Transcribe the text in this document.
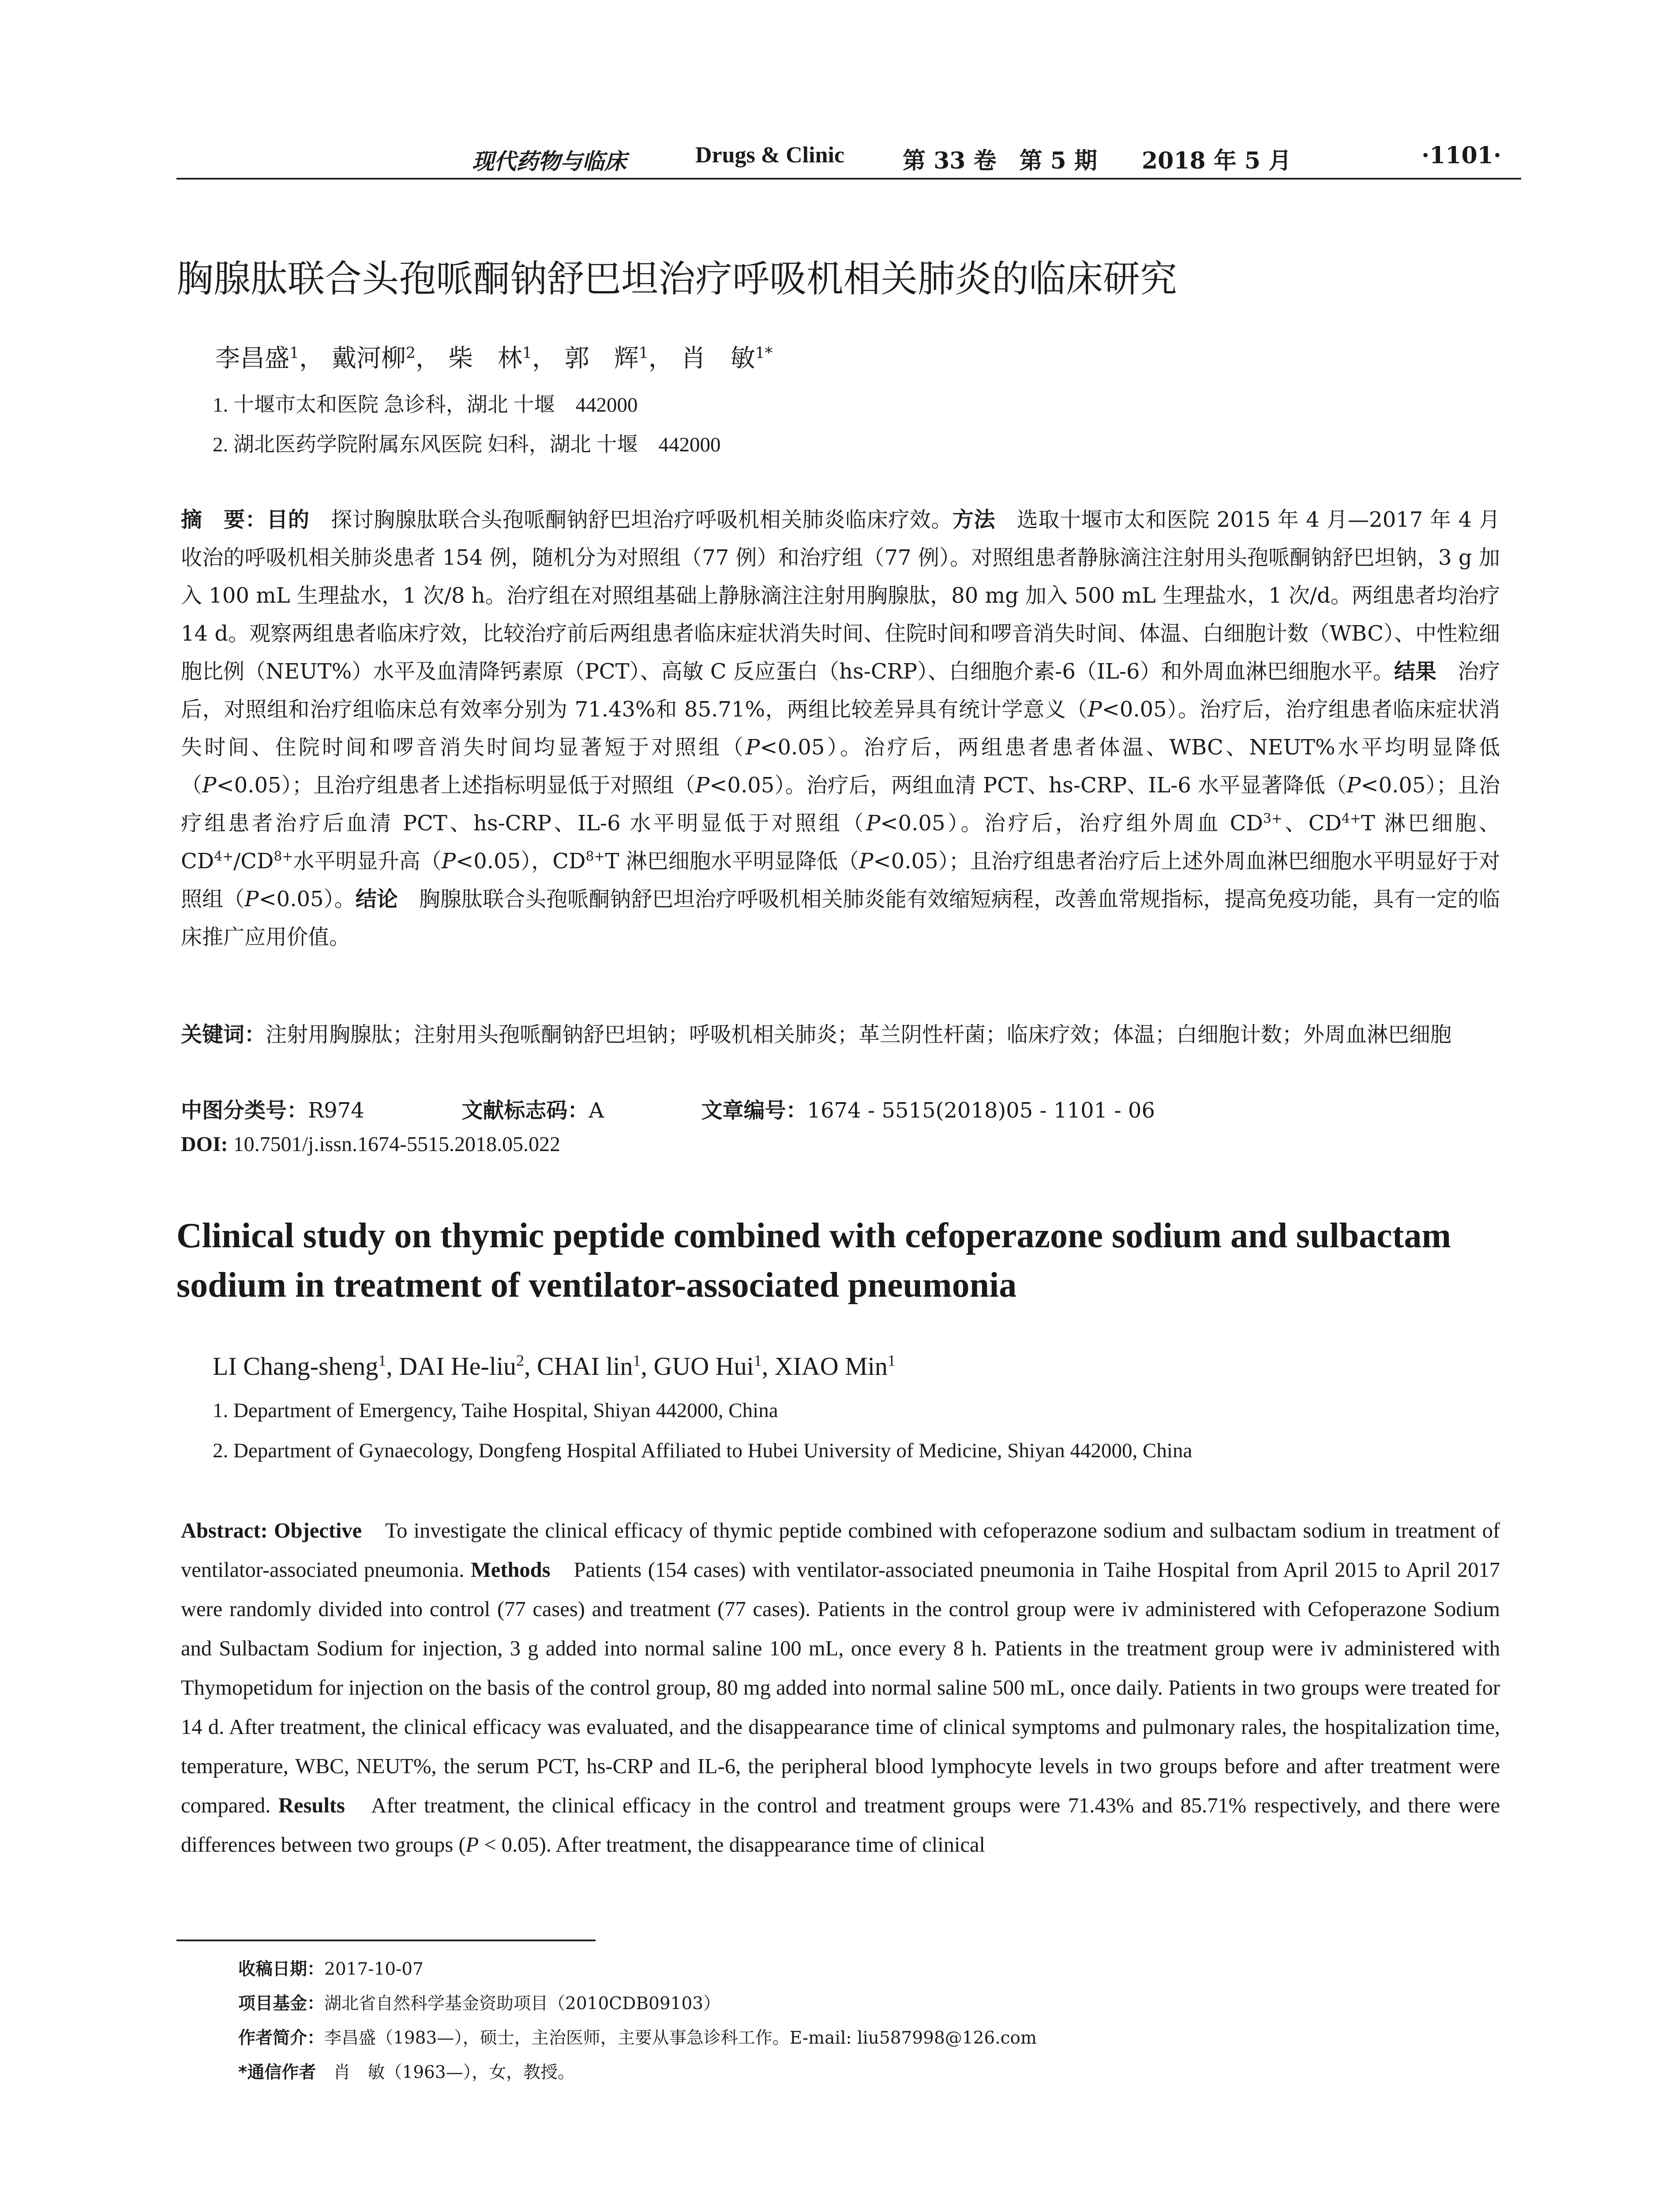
现代药物与临床	Drugs & Clinic	第 33 卷　第 5 期 2018 年 5 月	·1101·
胸腺肽联合头孢哌酮钠舒巴坦治疗呼吸机相关肺炎的临床研究
李昌盛$^1$， 戴河柳$^2$， 柴　林$^1$， 郭　辉$^1$， 肖　敏$^{1*}$
1. 十堰市太和医院 急诊科，湖北 十堰　442000
2. 湖北医药学院附属东风医院 妇科，湖北 十堰　442000
摘　要：目的　探讨胸腺肽联合头孢哌酮钠舒巴坦治疗呼吸机相关肺炎临床疗效。方法　选取十堰市太和医院 2015 年 4 月—2017 年 4 月收治的呼吸机相关肺炎患者 154 例，随机分为对照组（77 例）和治疗组（77 例）。对照组患者静脉滴注注射用头孢哌酮钠舒巴坦钠，3 g 加入 100 mL 生理盐水，1 次/8 h。治疗组在对照组基础上静脉滴注注射用胸腺肽，80 mg 加入 500 mL 生理盐水，1 次/d。两组患者均治疗 14 d。观察两组患者临床疗效，比较治疗前后两组患者临床症状消失时间、住院时间和啰音消失时间、体温、白细胞计数（WBC）、中性粒细胞比例（NEUT%）水平及血清降钙素原（PCT）、高敏 C 反应蛋白（hs-CRP）、白细胞介素-6（IL-6）和外周血淋巴细胞水平。结果　治疗后，对照组和治疗组临床总有效率分别为 71.43%和 85.71%，两组比较差异具有统计学意义（P<0.05）。治疗后，治疗组患者临床症状消失时间、住院时间和啰音消失时间均显著短于对照组（P<0.05）。治疗后，两组患者患者体温、WBC、NEUT%水平均明显降低（P<0.05）；且治疗组患者上述指标明显低于对照组（P<0.05）。治疗后，两组血清 PCT、hs-CRP、IL-6 水平显著降低（P<0.05）；且治疗组患者治疗后血清 PCT、hs-CRP、IL-6 水平明显低于对照组（P<0.05）。治疗后，治疗组外周血 $CD^{3+}$、$CD^{4+}T$ 淋巴细胞、$CD^{4+}/CD^{8+}$水平明显升高（P<0.05），$CD^{8+}T$ 淋巴细胞水平明显降低（P<0.05）；且治疗组患者治疗后上述外周血淋巴细胞水平明显好于对照组（P<0.05）。结论　胸腺肽联合头孢哌酮钠舒巴坦治疗呼吸机相关肺炎能有效缩短病程，改善血常规指标，提高免疫功能，具有一定的临床推广应用价值。
关键词：注射用胸腺肽；注射用头孢哌酮钠舒巴坦钠；呼吸机相关肺炎；革兰阴性杆菌；临床疗效；体温；白细胞计数；外周血淋巴细胞
中图分类号：R974	文献标志码：A	文章编号：1674 - 5515(2018)05 - 1101 - 06
DOI: 10.7501/j.issn.1674-5515.2018.05.022
Clinical study on thymic peptide combined with cefoperazone sodium and sulbactam sodium in treatment of ventilator-associated pneumonia
LI Chang-sheng$^1$, DAI He-liu$^2$, CHAI lin$^1$, GUO Hui$^1$, XIAO Min$^1$
1. Department of Emergency, Taihe Hospital, Shiyan 442000, China
2. Department of Gynaecology, Dongfeng Hospital Affiliated to Hubei University of Medicine, Shiyan 442000, China
Abstract: Objective　To investigate the clinical efficacy of thymic peptide combined with cefoperazone sodium and sulbactam sodium in treatment of ventilator-associated pneumonia. Methods　Patients (154 cases) with ventilator-associated pneumonia in Taihe Hospital from April 2015 to April 2017 were randomly divided into control (77 cases) and treatment (77 cases). Patients in the control group were iv administered with Cefoperazone Sodium and Sulbactam Sodium for injection, 3 g added into normal saline 100 mL, once every 8 h. Patients in the treatment group were iv administered with Thymopetidum for injection on the basis of the control group, 80 mg added into normal saline 500 mL, once daily. Patients in two groups were treated for 14 d. After treatment, the clinical efficacy was evaluated, and the disappearance time of clinical symptoms and pulmonary rales, the hospitalization time, temperature, WBC, NEUT%, the serum PCT, hs-CRP and IL-6, the peripheral blood lymphocyte levels in two groups before and after treatment were compared. Results　After treatment, the clinical efficacy in the control and treatment groups were 71.43% and 85.71% respectively, and there were differences between two groups (P < 0.05). After treatment, the disappearance time of clinical
收稿日期：2017-10-07
项目基金：湖北省自然科学基金资助项目（2010CDB09103）
作者简介：李昌盛（1983—），硕士，主治医师，主要从事急诊科工作。E-mail: liu587998@126.com
*通信作者　肖　敏（1963—），女，教授。
